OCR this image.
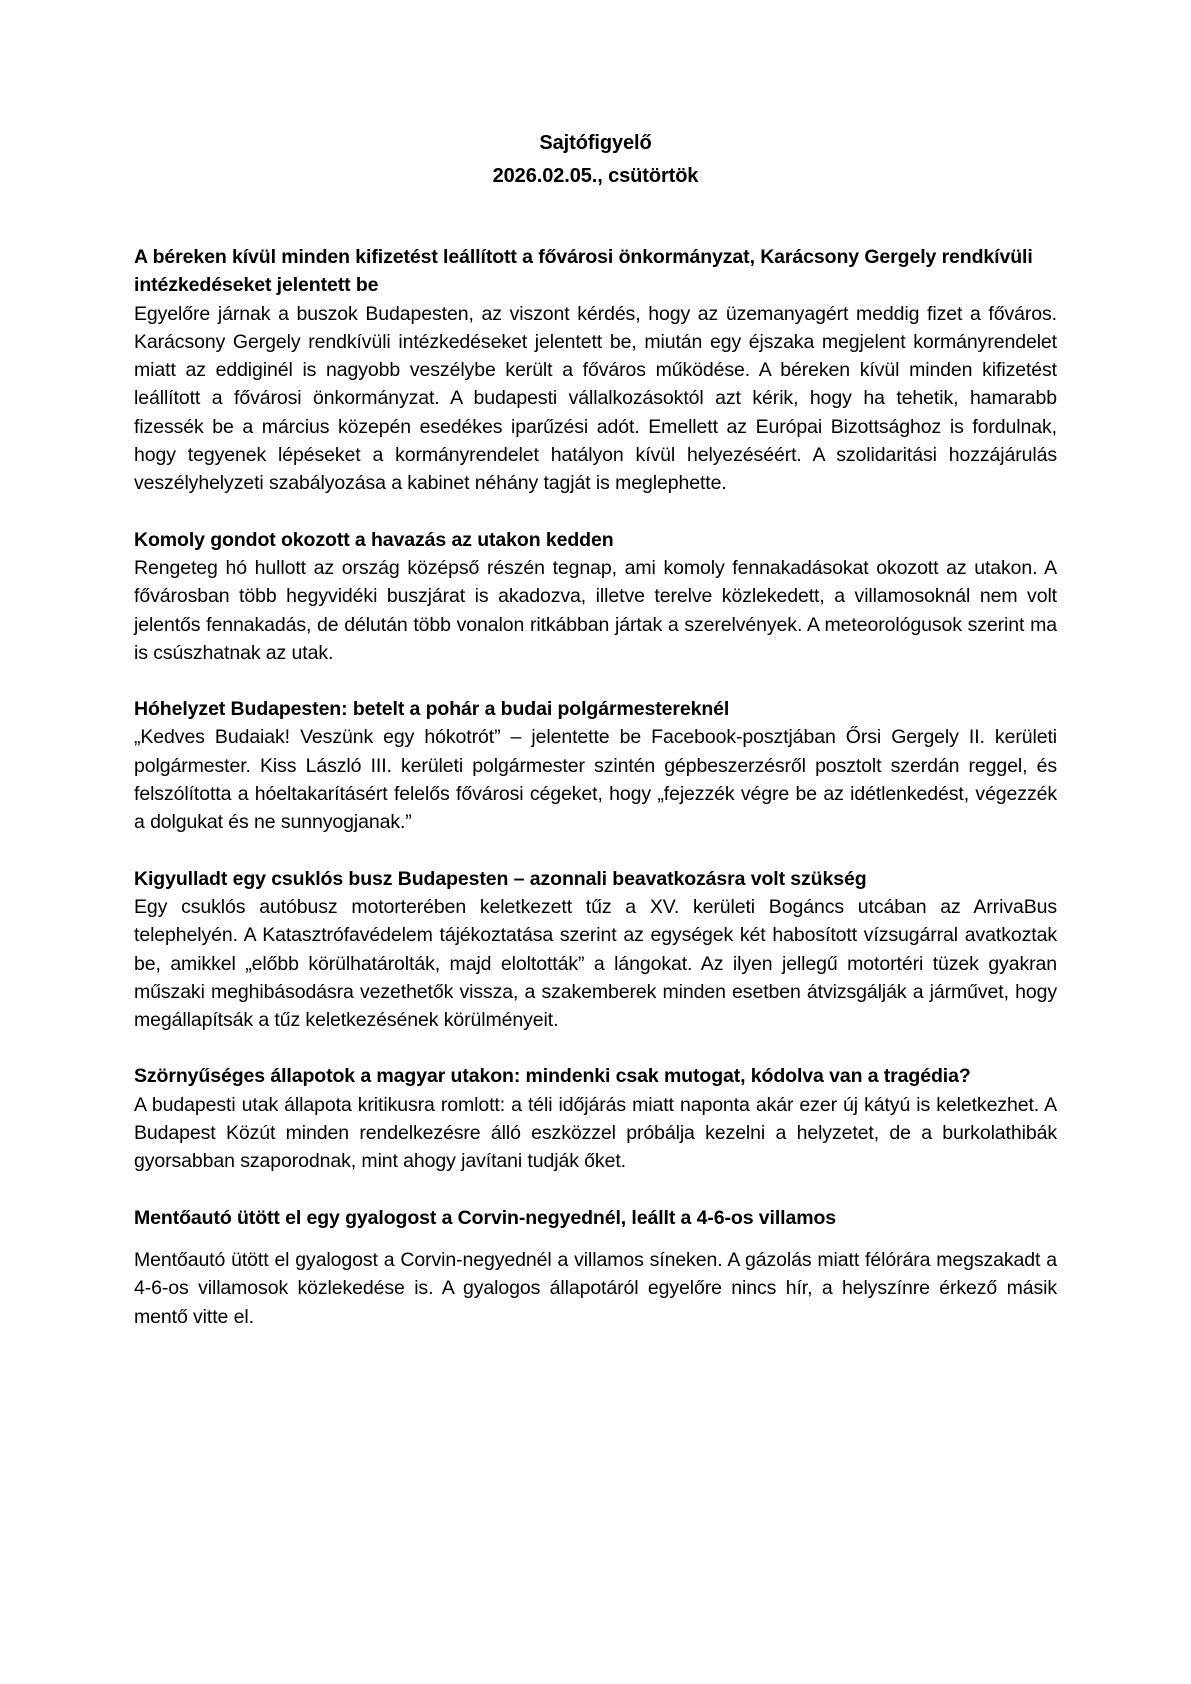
Sajtófigyelő
2026.02.05., csütörtök
A béreken kívül minden kifizetést leállított a fővárosi önkormányzat, Karácsony Gergely rendkívüli intézkedéseket jelentett be

Egyelőre járnak a buszok Budapesten, az viszont kérdés, hogy az üzemanyagért meddig fizet a főváros. Karácsony Gergely rendkívüli intézkedéseket jelentett be, miután egy éjszaka megjelent kormányrendelet miatt az eddiginél is nagyobb veszélybe került a főváros működése. A béreken kívül minden kifizetést leállított a fővárosi önkormányzat. A budapesti vállalkozásoktól azt kérik, hogy ha tehetik, hamarabb fizessék be a március közepén esedékes iparűzési adót. Emellett az Európai Bizottsághoz is fordulnak, hogy tegyenek lépéseket a kormányrendelet hatályon kívül helyezéséért. A szolidaritási hozzájárulás veszélyhelyzeti szabályozása a kabinet néhány tagját is meglephette.

Komoly gondot okozott a havazás az utakon kedden

Rengeteg hó hullott az ország középső részén tegnap, ami komoly fennakadásokat okozott az utakon. A fővárosban több hegyvidéki buszjárat is akadozva, illetve terelve közlekedett, a villamosoknál nem volt jelentős fennakadás, de délután több vonalon ritkábban jártak a szerelvények. A meteorológusok szerint ma is csúszhatnak az utak.

Hóhelyzet Budapesten: betelt a pohár a budai polgármestereknél

„Kedves Budaiak! Veszünk egy hókotrót” – jelentette be Facebook-posztjában Őrsi Gergely II. kerületi polgármester. Kiss László III. kerületi polgármester szintén gépbeszerzésről posztolt szerdán reggel, és felszólította a hóeltakarításért felelős fővárosi cégeket, hogy „fejezzék végre be az idétlenkedést, végezzék a dolgukat és ne sunnyogjanak.”

Kigyulladt egy csuklós busz Budapesten – azonnali beavatkozásra volt szükség

Egy csuklós autóbusz motorterében keletkezett tűz a XV. kerületi Bogáncs utcában az ArrivaBus telephelyén. A Katasztrófavédelem tájékoztatása szerint az egységek két habosított vízsugárral avatkoztak be, amikkel „előbb körülhatárolták, majd eloltották” a lángokat. Az ilyen jellegű motortéri tüzek gyakran műszaki meghibásodásra vezethetők vissza, a szakemberek minden esetben átvizsgálják a járművet, hogy megállapítsák a tűz keletkezésének körülményeit.

Szörnyűséges állapotok a magyar utakon: mindenki csak mutogat, kódolva van a tragédia?

A budapesti utak állapota kritikusra romlott: a téli időjárás miatt naponta akár ezer új kátyú is keletkezhet. A Budapest Közút minden rendelkezésre álló eszközzel próbálja kezelni a helyzetet, de a burkolathibák gyorsabban szaporodnak, mint ahogy javítani tudják őket.

Mentőautó ütött el egy gyalogost a Corvin-negyednél, leállt a 4-6-os villamos

Mentőautó ütött el gyalogost a Corvin-negyednél a villamos síneken. A gázolás miatt félórára megszakadt a 4-6-os villamosok közlekedése is. A gyalogos állapotáról egyelőre nincs hír, a helyszínre érkező másik mentő vitte el.
